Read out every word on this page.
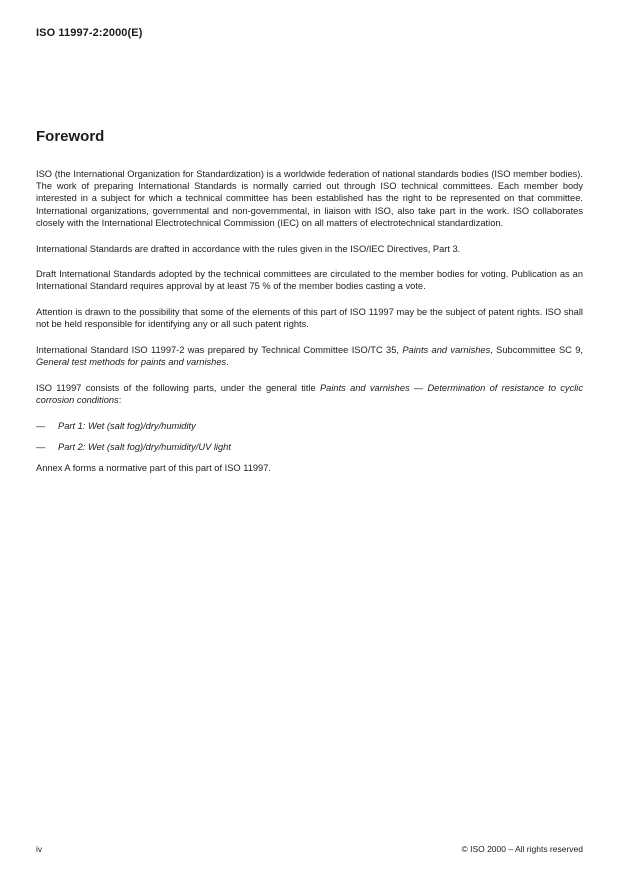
ISO 11997-2:2000(E)
Foreword

ISO (the International Organization for Standardization) is a worldwide federation of national standards bodies (ISO member bodies). The work of preparing International Standards is normally carried out through ISO technical committees. Each member body interested in a subject for which a technical committee has been established has the right to be represented on that committee. International organizations, governmental and non-governmental, in liaison with ISO, also take part in the work. ISO collaborates closely with the International Electrotechnical Commission (IEC) on all matters of electrotechnical standardization.

International Standards are drafted in accordance with the rules given in the ISO/IEC Directives, Part 3.

Draft International Standards adopted by the technical committees are circulated to the member bodies for voting. Publication as an International Standard requires approval by at least 75 % of the member bodies casting a vote.

Attention is drawn to the possibility that some of the elements of this part of ISO 11997 may be the subject of patent rights. ISO shall not be held responsible for identifying any or all such patent rights.

International Standard ISO 11997-2 was prepared by Technical Committee ISO/TC 35, Paints and varnishes, Subcommittee SC 9, General test methods for paints and varnishes.

ISO 11997 consists of the following parts, under the general title Paints and varnishes — Determination of resistance to cyclic corrosion conditions:

—	Part 1: Wet (salt fog)/dry/humidity
—	Part 2: Wet (salt fog)/dry/humidity/UV light

Annex A forms a normative part of this part of ISO 11997.

iv	© ISO 2000 – All rights reserved
